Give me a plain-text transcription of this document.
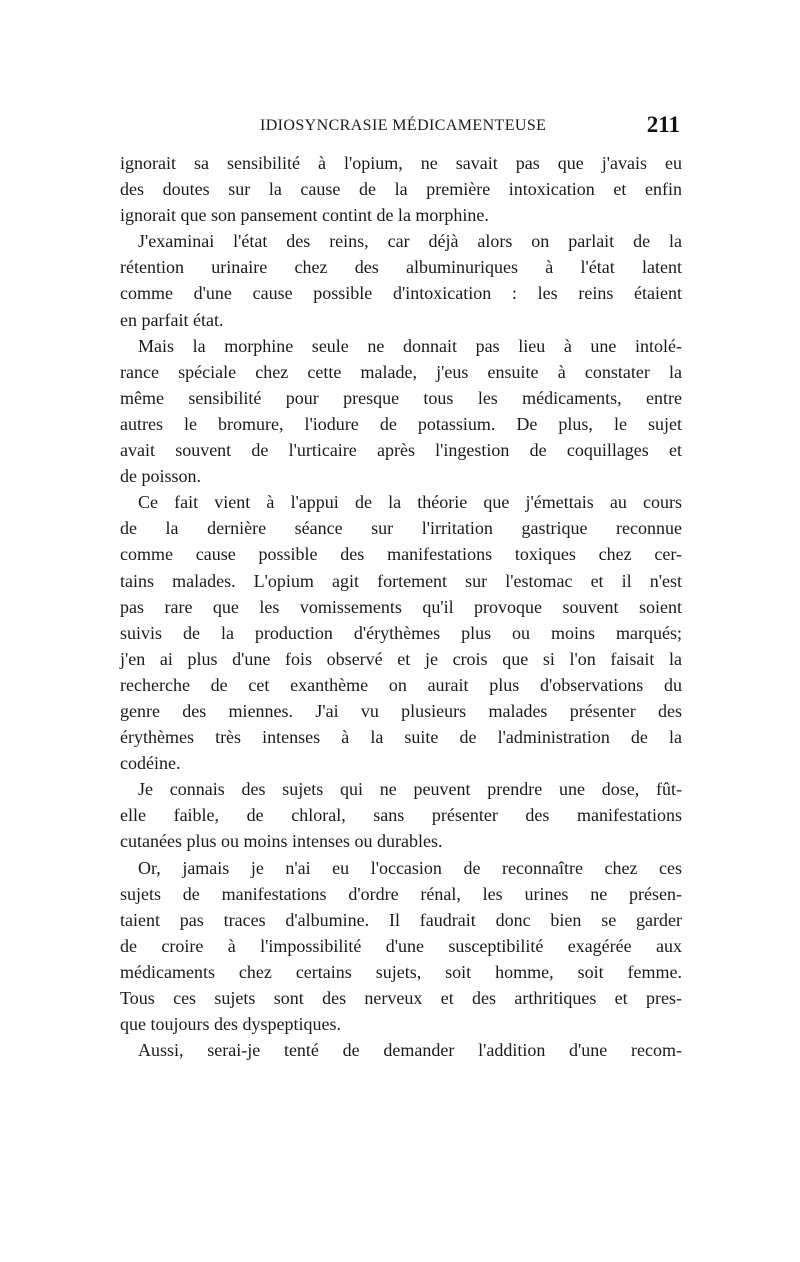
IDIOSYNCRASIE MÉDICAMENTEUSE	211
ignorait sa sensibilité à l'opium, ne savait pas que j'avais eu
des doutes sur la cause de la première intoxication et enfin
ignorait que son pansement contint de la morphine.
J'examinai l'état des reins, car déjà alors on parlait de la
rétention urinaire chez des albuminuriques à l'état latent
comme d'une cause possible d'intoxication : les reins étaient
en parfait état.
Mais la morphine seule ne donnait pas lieu à une intolé-
rance spéciale chez cette malade, j'eus ensuite à constater la
même sensibilité pour presque tous les médicaments, entre
autres le bromure, l'iodure de potassium. De plus, le sujet
avait souvent de l'urticaire après l'ingestion de coquillages et
de poisson.
Ce fait vient à l'appui de la théorie que j'émettais au cours
de la dernière séance sur l'irritation gastrique reconnue
comme cause possible des manifestations toxiques chez cer-
tains malades. L'opium agit fortement sur l'estomac et il n'est
pas rare que les vomissements qu'il provoque souvent soient
suivis de la production d'érythèmes plus ou moins marqués;
j'en ai plus d'une fois observé et je crois que si l'on faisait la
recherche de cet exanthème on aurait plus d'observations du
genre des miennes. J'ai vu plusieurs malades présenter des
érythèmes très intenses à la suite de l'administration de la
codéine.
Je connais des sujets qui ne peuvent prendre une dose, fût-
elle faible, de chloral, sans présenter des manifestations
cutanées plus ou moins intenses ou durables.
Or, jamais je n'ai eu l'occasion de reconnaître chez ces
sujets de manifestations d'ordre rénal, les urines ne présen-
taient pas traces d'albumine. Il faudrait donc bien se garder
de croire à l'impossibilité d'une susceptibilité exagérée aux
médicaments chez certains sujets, soit homme, soit femme.
Tous ces sujets sont des nerveux et des arthritiques et pres-
que toujours des dyspeptiques.
Aussi, serai-je tenté de demander l'addition d'une recom-
